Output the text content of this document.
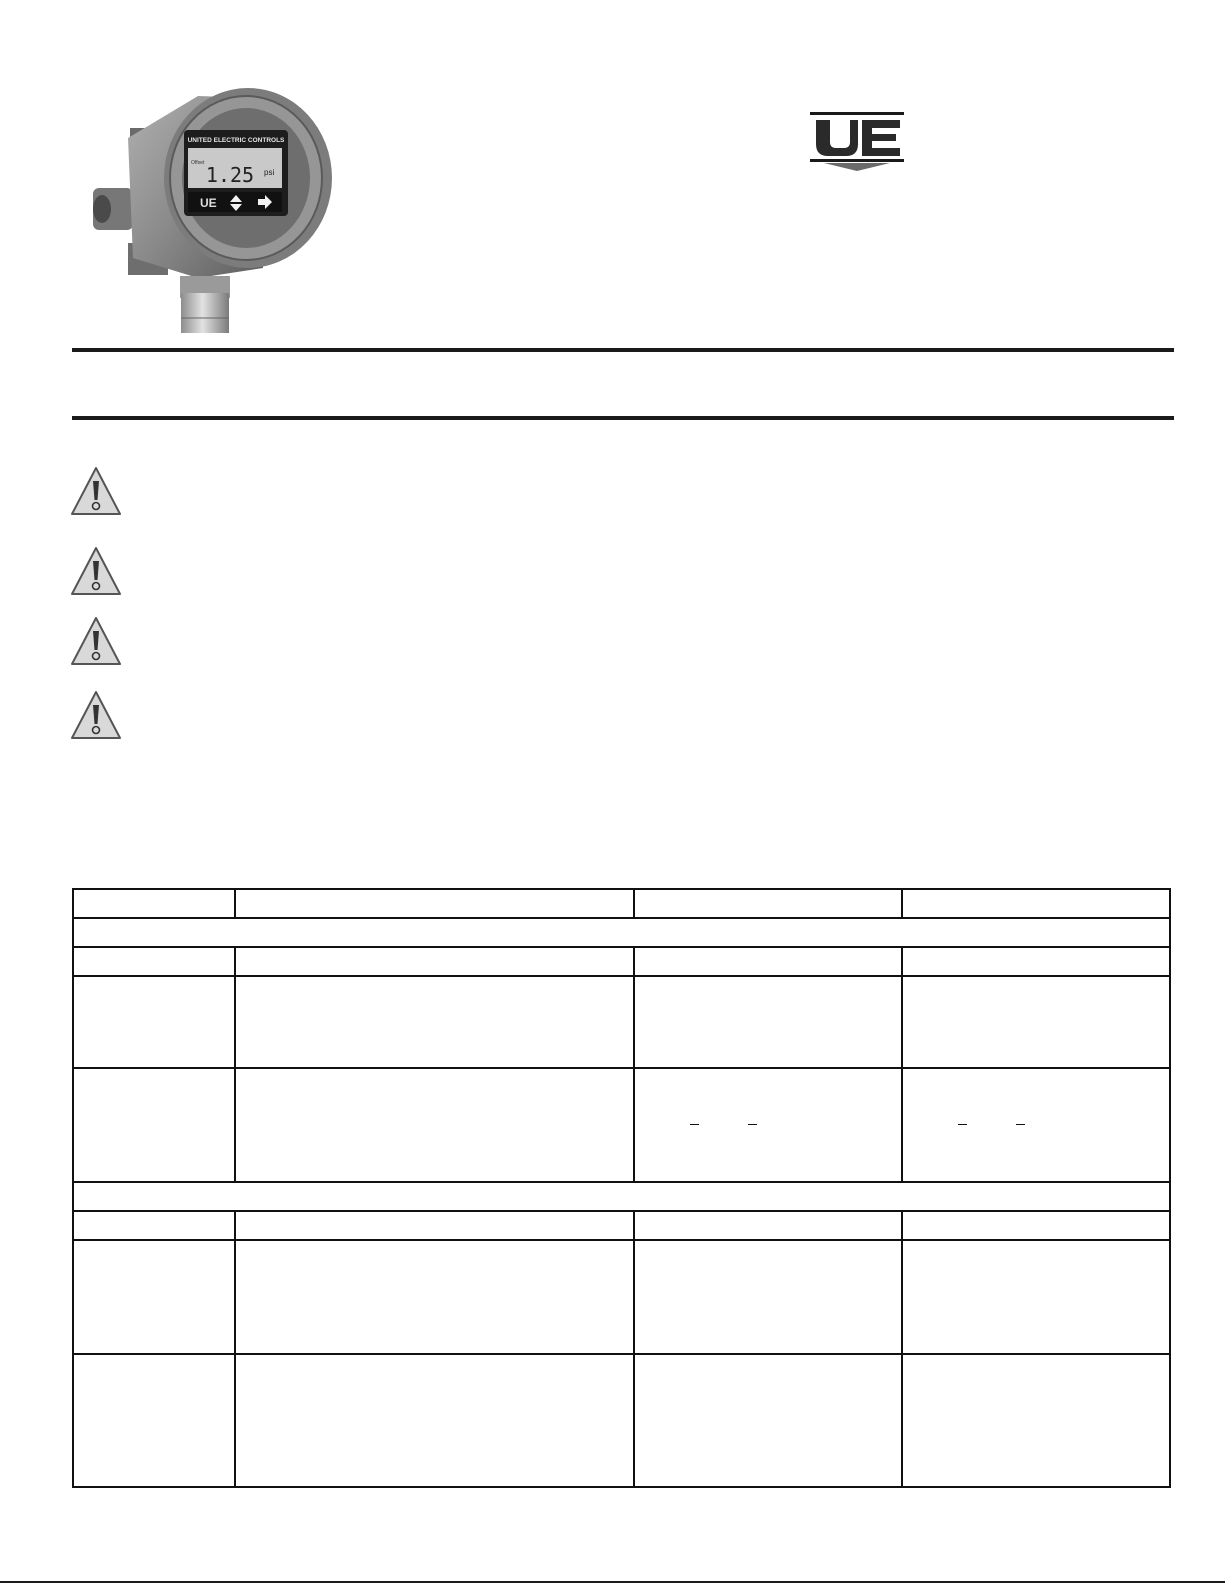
UNITED ELECTRIC CONTROLS
Offset 1.25 psi
UE
